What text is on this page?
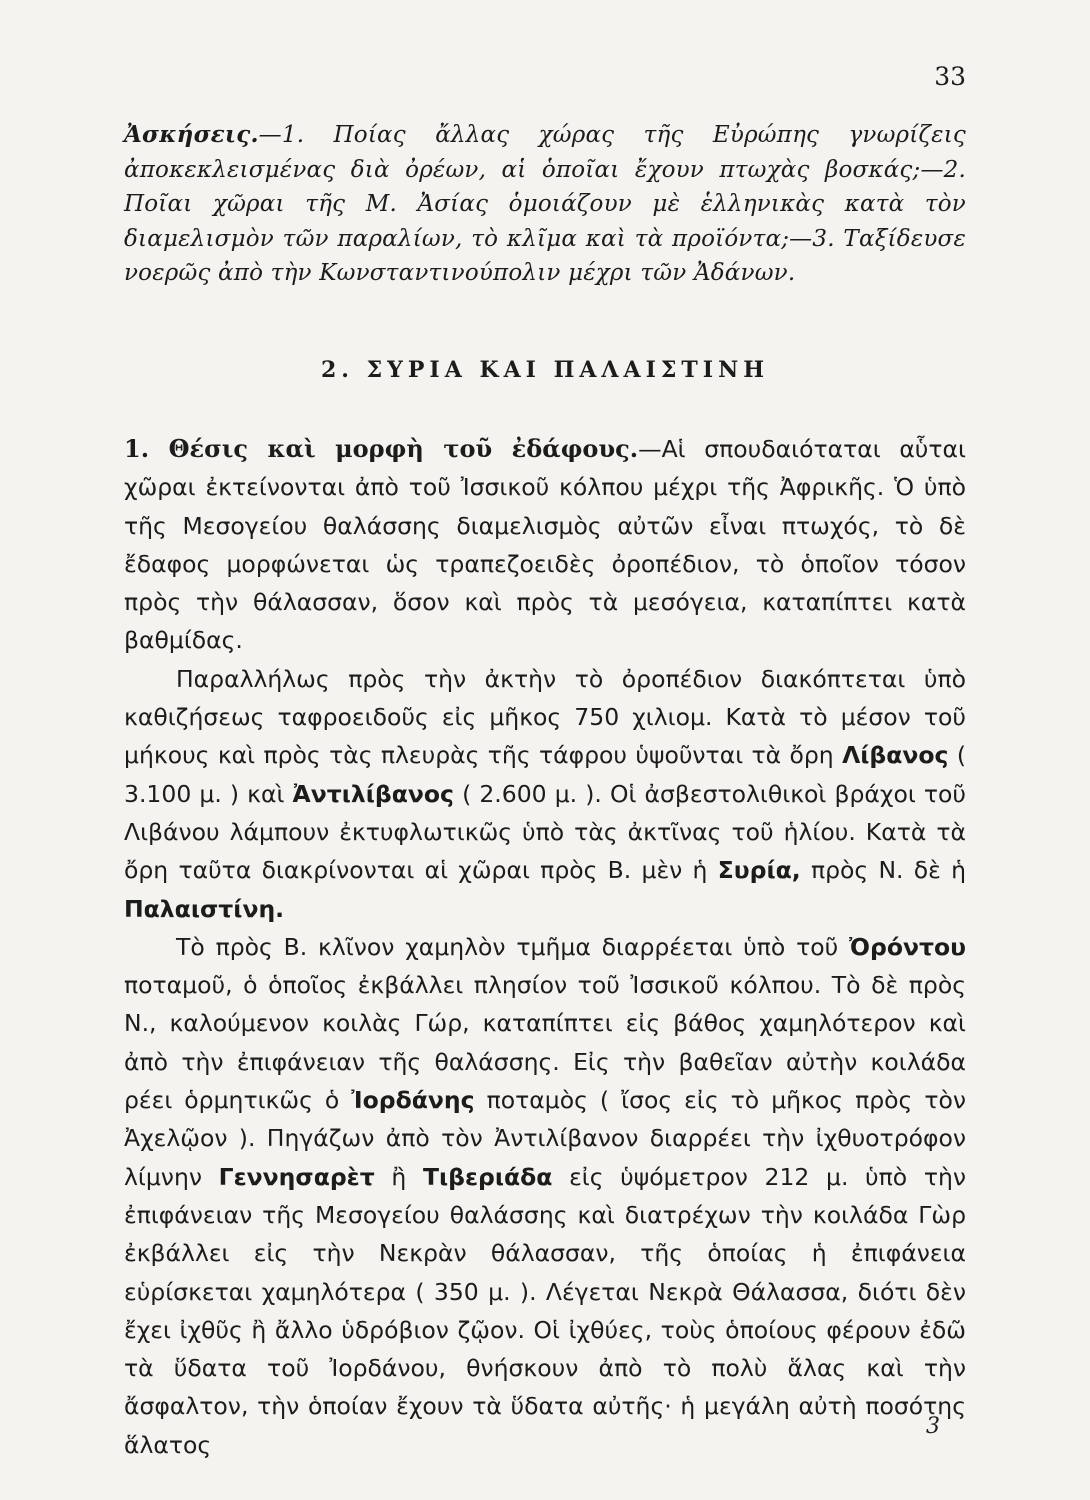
33
Ἀσκήσεις.—1. Ποίας ἄλλας χώρας τῆς Εὐρώπης γνωρίζεις ἀποκεκλεισμένας διὰ ὀρέων, αἱ ὁποῖαι ἔχουν πτωχὰς βοσκάς;—2. Ποῖαι χῶραι τῆς Μ. Ἀσίας ὁμοιάζουν μὲ ἑλληνικὰς κατὰ τὸν διαμελισμὸν τῶν παραλίων, τὸ κλῖμα καὶ τὰ προϊόντα;—3. Ταξίδευσε νοερῶς ἀπὸ τὴν Κωνσταντινούπολιν μέχρι τῶν Ἀδάνων.
2. ΣΥΡΙΑ ΚΑΙ ΠΑΛΑΙΣΤΙΝΗ

1. Θέσις καὶ μορφὴ τοῦ ἐδάφους.—Αἱ σπουδαιόταται αὗται χῶραι ἐκτείνονται ἀπὸ τοῦ Ἰσσικοῦ κόλπου μέχρι τῆς Ἀφρικῆς. Ὁ ὑπὸ τῆς Μεσογείου θαλάσσης διαμελισμὸς αὐτῶν εἶναι πτωχός, τὸ δὲ ἔδαφος μορφώνεται ὡς τραπεζοειδὲς ὀροπέδιον, τὸ ὁποῖον τόσον πρὸς τὴν θάλασσαν, ὅσον καὶ πρὸς τὰ μεσόγεια, καταπίπτει κατὰ βαθμίδας.

Παραλλήλως πρὸς τὴν ἀκτὴν τὸ ὀροπέδιον διακόπτεται ὑπὸ καθιζήσεως ταφροειδοῦς εἰς μῆκος 750 χιλιομ. Κατὰ τὸ μέσον τοῦ μήκους καὶ πρὸς τὰς πλευρὰς τῆς τάφρου ὑψοῦνται τὰ ὄρη Λίβανος ( 3.100 μ. ) καὶ Ἀντιλίβανος ( 2.600 μ. ). Οἱ ἀσβεστολιθικοὶ βράχοι τοῦ Λιβάνου λάμπουν ἐκτυφλωτικῶς ὑπὸ τὰς ἀκτῖνας τοῦ ἡλίου. Κατὰ τὰ ὄρη ταῦτα διακρίνονται αἱ χῶραι πρὸς Β. μὲν ἡ Συρία, πρὸς Ν. δὲ ἡ Παλαιστίνη.

Τὸ πρὸς Β. κλῖνον χαμηλὸν τμῆμα διαρρέεται ὑπὸ τοῦ Ὀρόντου ποταμοῦ, ὁ ὁποῖος ἐκβάλλει πλησίον τοῦ Ἰσσικοῦ κόλπου. Τὸ δὲ πρὸς Ν., καλούμενον κοιλὰς Γώρ, καταπίπτει εἰς βάθος χαμηλότερον καὶ ἀπὸ τὴν ἐπιφάνειαν τῆς θαλάσσης. Εἰς τὴν βαθεῖαν αὐτὴν κοιλάδα ρέει ὁρμητικῶς ὁ Ἰορδάνης ποταμὸς ( ἴσος εἰς τὸ μῆκος πρὸς τὸν Ἀχελῷον ). Πηγάζων ἀπὸ τὸν Ἀντιλίβανον διαρρέει τὴν ἰχθυοτρόφον λίμνην Γεννησαρὲτ ἢ Τιβεριάδα εἰς ὑψόμετρον 212 μ. ὑπὸ τὴν ἐπιφάνειαν τῆς Μεσογείου θαλάσσης καὶ διατρέχων τὴν κοιλάδα Γὼρ ἐκβάλλει εἰς τὴν Νεκρὰν θάλασσαν, τῆς ὁποίας ἡ ἐπιφάνεια εὑρίσκεται χαμηλότερα ( 350 μ. ). Λέγεται Νεκρὰ Θάλασσα, διότι δὲν ἔχει ἰχθῦς ἢ ἄλλο ὑδρόβιον ζῷον. Οἱ ἰχθύες, τοὺς ὁποίους φέρουν ἐδῶ τὰ ὕδατα τοῦ Ἰορδάνου, θνήσκουν ἀπὸ τὸ πολὺ ἅλας καὶ τὴν ἄσφαλτον, τὴν ὁποίαν ἔχουν τὰ ὕδατα αὐτῆς· ἡ μεγάλη αὐτὴ ποσότης ἅλατος

3
